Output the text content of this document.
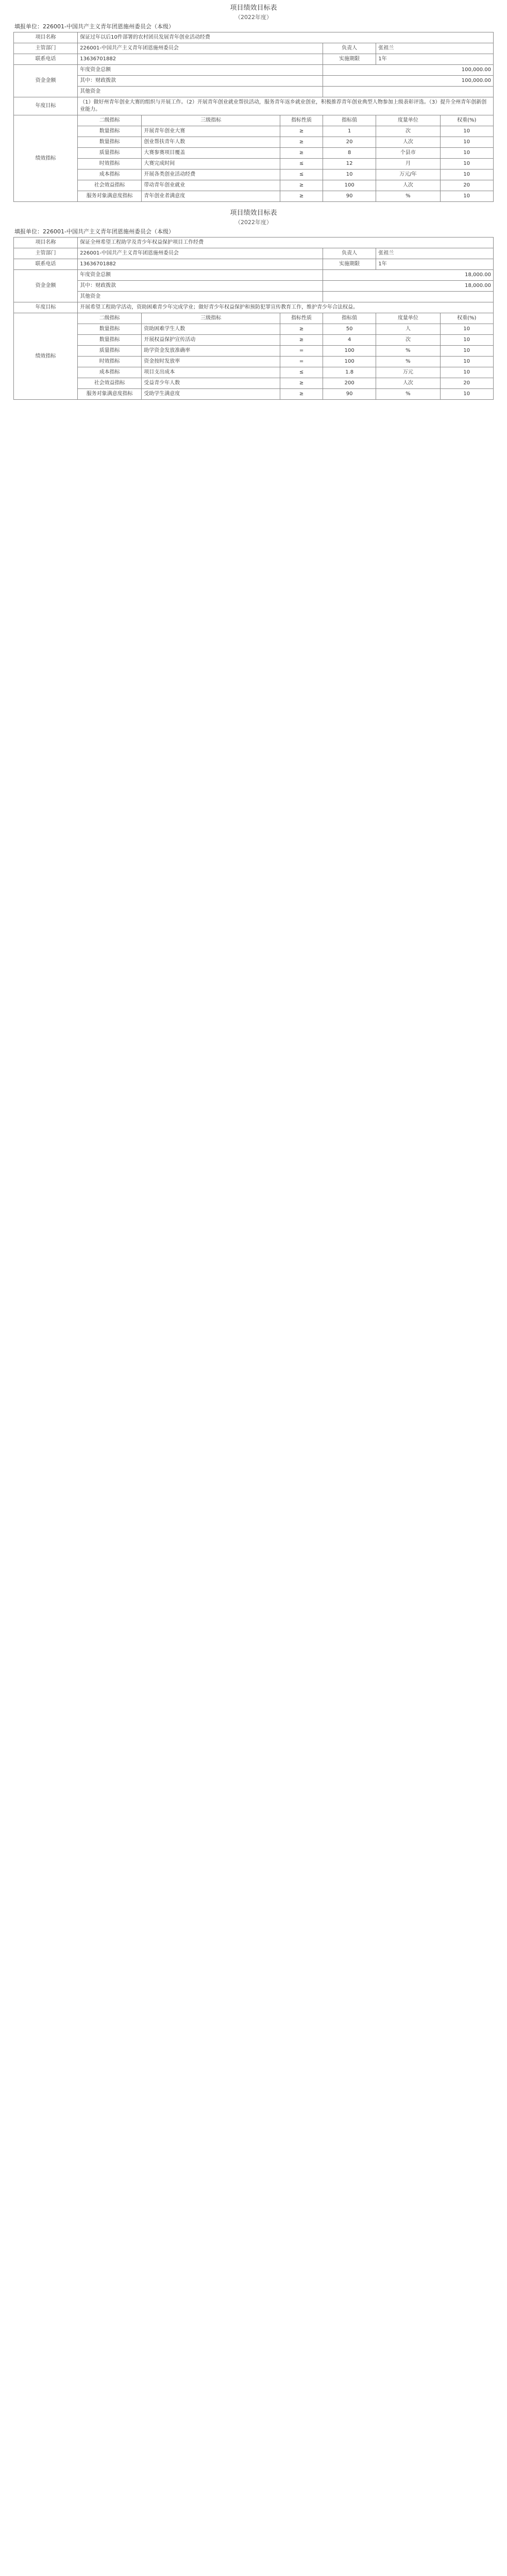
项目绩效目标表
（2022年度）
填报单位：226001-中国共产主义青年团恩施州委员会（本级）
项目名称	保证过年以后10件部署的农村团员发展青年创业活动经费					
主管部门	226001-中国共产主义青年团恩施州委员会			负责人	张祖兰	
联系电话	13636701882			实施期限	1年	
资金金额	年度资金总额			100,000.00		
	其中：财政拨款			100,000.00		
	其他资金					
年度目标	（1）做好州青年创业大赛的组织与开展工作。（2）开展青年创业就业帮扶活动，服务青年返乡就业创业，积极推荐青年创业典型人物参加上级表彰评选。（3）提升全州青年创新创业能力。					
绩效指标	二级指标	三级指标	指标性质	指标值	度量单位	权重(%)
	数量指标	开展青年创业大赛	≥	1	次	10
	数量指标	创业帮扶青年人数	≥	20	人次	10
	质量指标	大赛参赛项目覆盖	≥	8	个县市	10
	时效指标	大赛完成时间	≤	12	月	10
	成本指标	开展各类创业活动经费	≤	10	万元/年	10
	社会效益指标	带动青年创业就业	≥	100	人次	20
	服务对象满意度指标	青年创业者满意度	≥	90	%	10
项目绩效目标表
（2022年度）
填报单位：226001-中国共产主义青年团恩施州委员会（本级）
项目名称	保证全州希望工程助学及青少年权益保护项目工作经费					
主管部门	226001-中国共产主义青年团恩施州委员会			负责人	张祖兰	
联系电话	13636701882			实施期限	1年	
资金金额	年度资金总额			18,000.00		
	其中：财政拨款			18,000.00		
	其他资金					
年度目标	开展希望工程助学活动，资助困难青少年完成学业；做好青少年权益保护和预防犯罪宣传教育工作，维护青少年合法权益。					
绩效指标	二级指标	三级指标	指标性质	指标值	度量单位	权重(%)
	数量指标	资助困难学生人数	≥	50	人	10
	数量指标	开展权益保护宣传活动	≥	4	次	10
	质量指标	助学资金发放准确率	=	100	%	10
	时效指标	资金按时发放率	=	100	%	10
	成本指标	项目支出成本	≤	1.8	万元	10
	社会效益指标	受益青少年人数	≥	200	人次	20
	服务对象满意度指标	受助学生满意度	≥	90	%	10
